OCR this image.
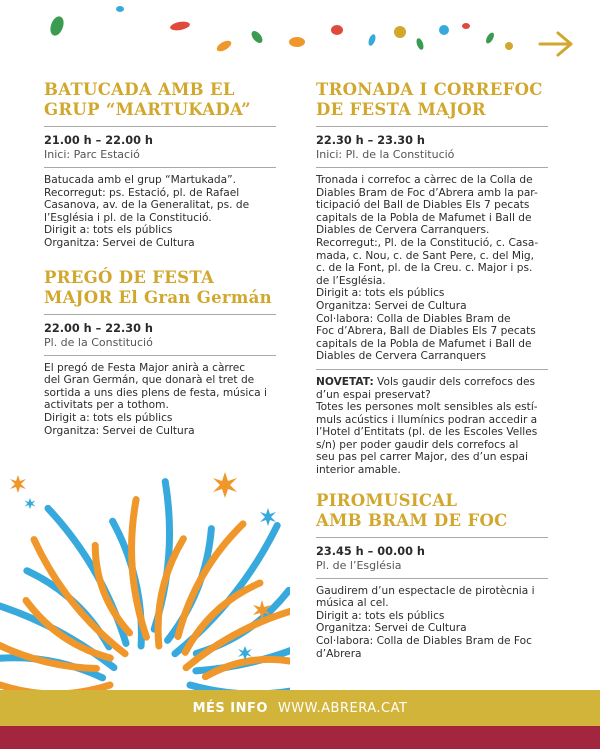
BATUCADA AMB EL
GRUP “MARTUKADA”
21.00 h – 22.00 h
Inici: Parc Estació

Batucada amb el grup “Martukada”.

Recorregut: ps. Estació, pl. de Rafael

Casanova, av. de la Generalitat, ps. de

l’Església i pl. de la Constitució.

Dirigit a: tots els públics

Organitza: Servei de Cultura

PREGÓ DE FESTA
MAJOR El Gran Germán
22.00 h – 22.30 h
Pl. de la Constitució

El pregó de Festa Major anirà a càrrec

del Gran Germán, que donarà el tret de

sortida a uns dies plens de festa, música i

activitats per a tothom.

Dirigit a: tots els públics

Organitza: Servei de Cultura

TRONADA I CORREFOC
DE FESTA MAJOR
22.30 h – 23.30 h
Inici: Pl. de la Constitució

Tronada i correfoc a càrrec de la Colla de

Diables Bram de Foc d’Abrera amb la par-

ticipació del Ball de Diables Els 7 pecats

capitals de la Pobla de Mafumet i Ball de

Diables de Cervera Carranquers.

Recorregut:, Pl. de la Constitució, c. Casa-

mada, c. Nou, c. de Sant Pere, c. del Mig,

c. de la Font, pl. de la Creu. c. Major i ps.

de l’Església.

Dirigit a: tots els públics

Organitza: Servei de Cultura

Col·labora: Colla de Diables Bram de

Foc d’Abrera, Ball de Diables Els 7 pecats

capitals de la Pobla de Mafumet i Ball de

Diables de Cervera Carranquers

NOVETAT: Vols gaudir dels correfocs des

d’un espai preservat?

Totes les persones molt sensibles als estí-

muls acústics i llumínics podran accedir a

l’Hotel d’Entitats (pl. de les Escoles Velles

s/n) per poder gaudir dels correfocs al

seu pas pel carrer Major, des d’un espai

interior amable.

PIROMUSICAL
AMB BRAM DE FOC
23.45 h – 00.00 h
Pl. de l’Església

Gaudirem d’un espectacle de pirotècnia i

música al cel.

Dirigit a: tots els públics

Organitza: Servei de Cultura

Col·labora: Colla de Diables Bram de Foc

d’Abrera

MÉS INFO WWW.ABRERA.CAT
